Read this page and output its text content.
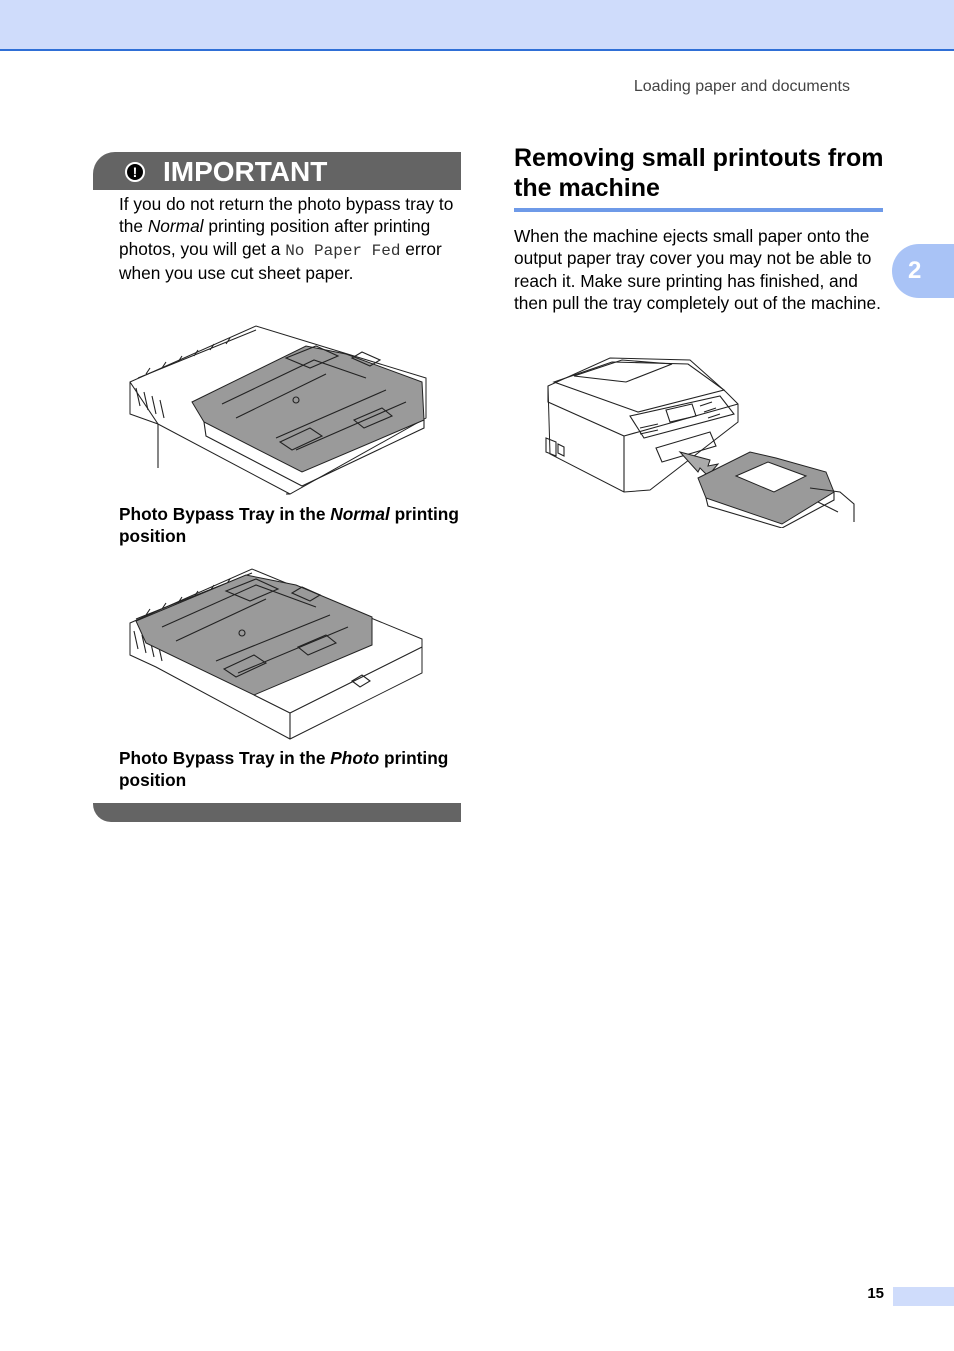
Loading paper and documents
2
! IMPORTANT
If you do not return the photo bypass tray to the Normal printing position after printing photos, you will get a No Paper Fed error when you use cut sheet paper.
Photo Bypass Tray in the Normal printing position
Photo Bypass Tray in the Photo printing position
Removing small printouts from the machine
When the machine ejects small paper onto the output paper tray cover you may not be able to reach it. Make sure printing has finished, and then pull the tray completely out of the machine.
15
